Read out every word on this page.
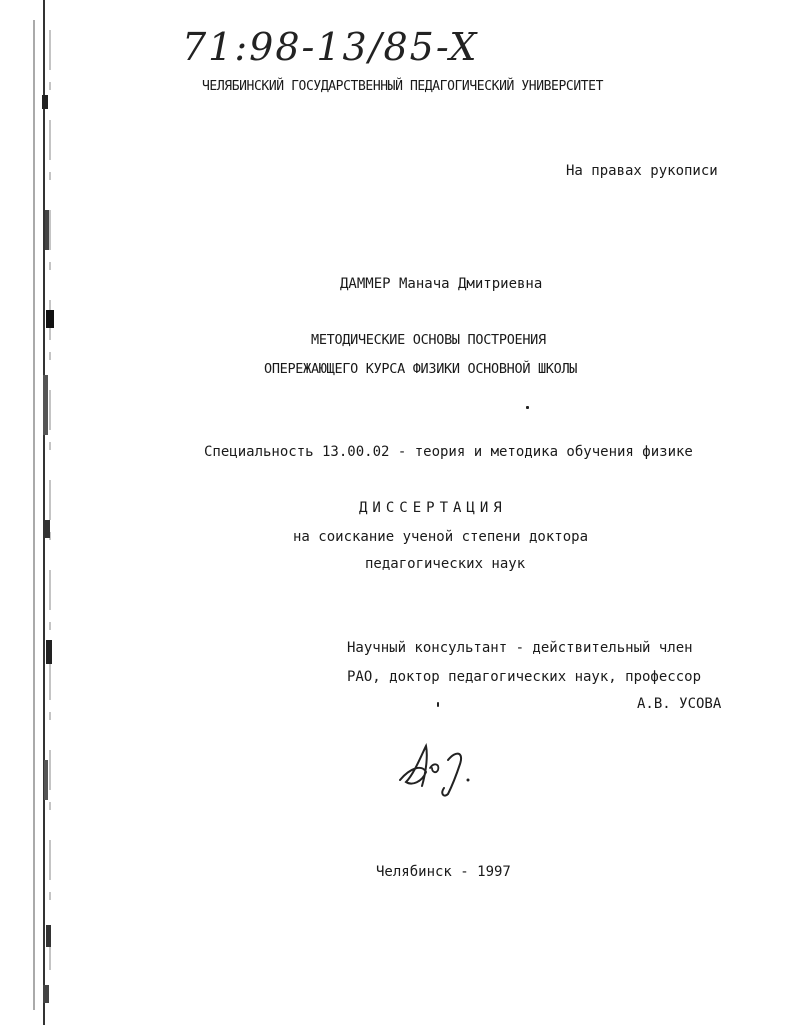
71:98-13/85-X
ЧЕЛЯБИНСКИЙ ГОСУДАРСТВЕННЫЙ ПЕДАГОГИЧЕСКИЙ УНИВЕРСИТЕТ
На правах рукописи
ДАММЕР Манача Дмитриевна
МЕТОДИЧЕСКИЕ ОСНОВЫ ПОСТРОЕНИЯ
ОПЕРЕЖАЮЩЕГО КУРСА ФИЗИКИ ОСНОВНОЙ ШКОЛЫ
Специальность 13.00.02 - теория и методика обучения физике
ДИССЕРТАЦИЯ
на соискание ученой степени доктора
педагогических наук
Научный консультант - действительный член
РАО, доктор педагогических наук, профессор
А.В. УСОВА
Челябинск - 1997
